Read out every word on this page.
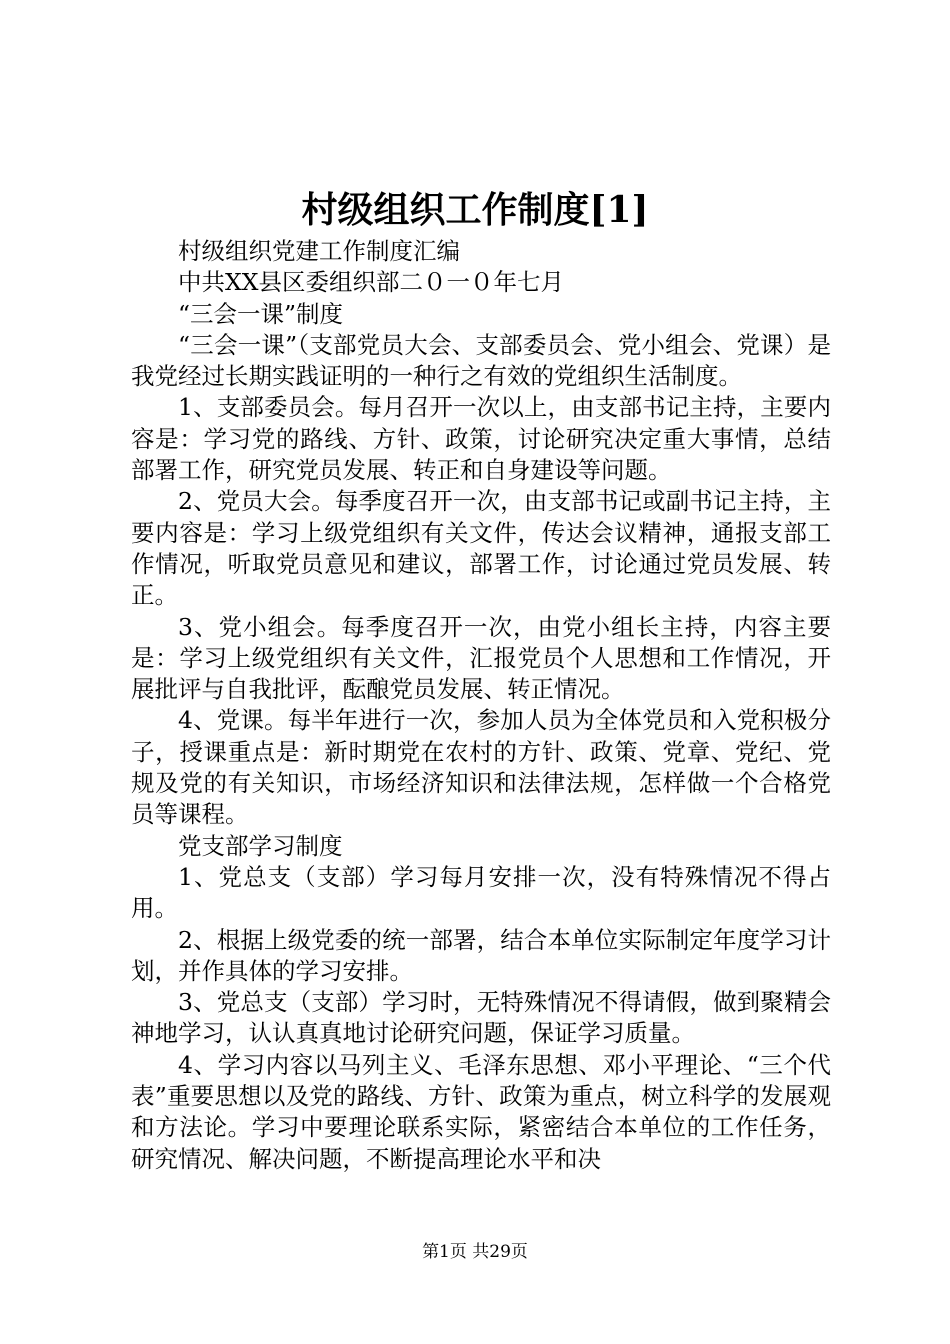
村级组织工作制度[1]

村级组织党建工作制度汇编

中共XX县区委组织部二０一０年七月

“三会一课”制度

“三会一课”（支部党员大会、支部委员会、党小组会、党课）是我党经过长期实践证明的一种行之有效的党组织生活制度。

1、支部委员会。每月召开一次以上，由支部书记主持，主要内容是：学习党的路线、方针、政策，讨论研究决定重大事情，总结部署工作，研究党员发展、转正和自身建设等问题。

2、党员大会。每季度召开一次，由支部书记或副书记主持，主要内容是：学习上级党组织有关文件，传达会议精神，通报支部工作情况，听取党员意见和建议，部署工作，讨论通过党员发展、转正。

3、党小组会。每季度召开一次，由党小组长主持，内容主要是：学习上级党组织有关文件，汇报党员个人思想和工作情况，开展批评与自我批评，酝酿党员发展、转正情况。

4、党课。每半年进行一次，参加人员为全体党员和入党积极分子，授课重点是：新时期党在农村的方针、政策、党章、党纪、党规及党的有关知识，市场经济知识和法律法规，怎样做一个合格党员等课程。

党支部学习制度

1、党总支（支部）学习每月安排一次，没有特殊情况不得占用。

2、根据上级党委的统一部署，结合本单位实际制定年度学习计划，并作具体的学习安排。

3、党总支（支部）学习时，无特殊情况不得请假，做到聚精会神地学习，认认真真地讨论研究问题，保证学习质量。

4、学习内容以马列主义、毛泽东思想、邓小平理论、“三个代表”重要思想以及党的路线、方针、政策为重点，树立科学的发展观和方法论。学习中要理论联系实际，紧密结合本单位的工作任务，研究情况、解决问题，不断提高理论水平和决

第1页 共29页
